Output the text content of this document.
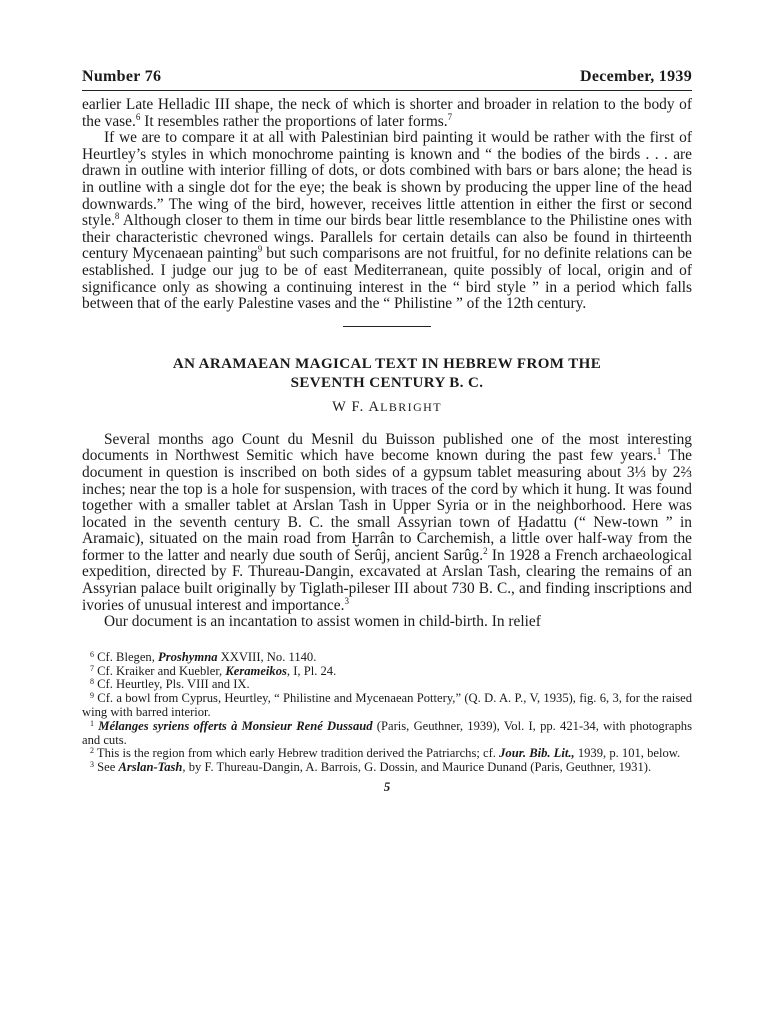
Number 76	December, 1939

earlier Late Helladic III shape, the neck of which is shorter and broader in relation to the body of the vase.$^6$ It resembles rather the proportions of later forms.$^7$

If we are to compare it at all with Palestinian bird painting it would be rather with the first of Heurtley’s styles in which monochrome painting is known and “ the bodies of the birds . . . are drawn in outline with interior filling of dots, or dots combined with bars or bars alone; the head is in outline with a single dot for the eye; the beak is shown by producing the upper line of the head downwards.” The wing of the bird, however, receives little attention in either the first or second style.$^8$ Although closer to them in time our birds bear little resemblance to the Philistine ones with their characteristic chevroned wings. Parallels for certain details can also be found in thirteenth century Mycenaean painting$^9$ but such comparisons are not fruitful, for no definite relations can be established. I judge our jug to be of east Mediterranean, quite possibly of local, origin and of significance only as showing a continuing interest in the “ bird style ” in a period which falls between that of the early Palestine vases and the “ Philistine ” of the 12th century.

AN ARAMAEAN MAGICAL TEXT IN HEBREW FROM THE
SEVENTH CENTURY B. C.
W F. ALBRIGHT

Several months ago Count du Mesnil du Buisson published one of the most interesting documents in Northwest Semitic which have become known during the past few years.$^1$ The document in question is inscribed on both sides of a gypsum tablet measuring about 3⅓ by 2⅔ inches; near the top is a hole for suspension, with traces of the cord by which it hung. It was found together with a smaller tablet at Arslan Tash in Upper Syria or in the neighborhood. Here was located in the seventh century B. C. the small Assyrian town of Ḫadattu (“ New-town ” in Aramaic), situated on the main road from Ḫarrân to Carchemish, a little over half-way from the former to the latter and nearly due south of Serûj, ancient Sarûg.$^2$ In 1928 a French archaeological expedition, directed by F. Thureau-Dangin, excavated at Arslan Tash, clearing the remains of an Assyrian palace built originally by Tiglath-pileser III about 730 B. C., and finding inscriptions and ivories of unusual interest and importance.$^3$

Our document is an incantation to assist women in child-birth. In relief

$^6$ Cf. Blegen, Proshymna XXVIII, No. 1140.
$^7$ Cf. Kraiker and Kuebler, Kerameikos, I, Pl. 24.
$^8$ Cf. Heurtley, Pls. VIII and IX.
$^9$ Cf. a bowl from Cyprus, Heurtley, “ Philistine and Mycenaean Pottery,” (Q. D. A. P., V, 1935), fig. 6, 3, for the raised wing with barred interior.
$^1$ Mélanges syriens offerts à Monsieur René Dussaud (Paris, Geuthner, 1939), Vol. I, pp. 421-34, with photographs and cuts.
$^2$ This is the region from which early Hebrew tradition derived the Patriarchs; cf. Jour. Bib. Lit., 1939, p. 101, below.
$^3$ See Arslan-Tash, by F. Thureau-Dangin, A. Barrois, G. Dossin, and Maurice Dunand (Paris, Geuthner, 1931).
5
